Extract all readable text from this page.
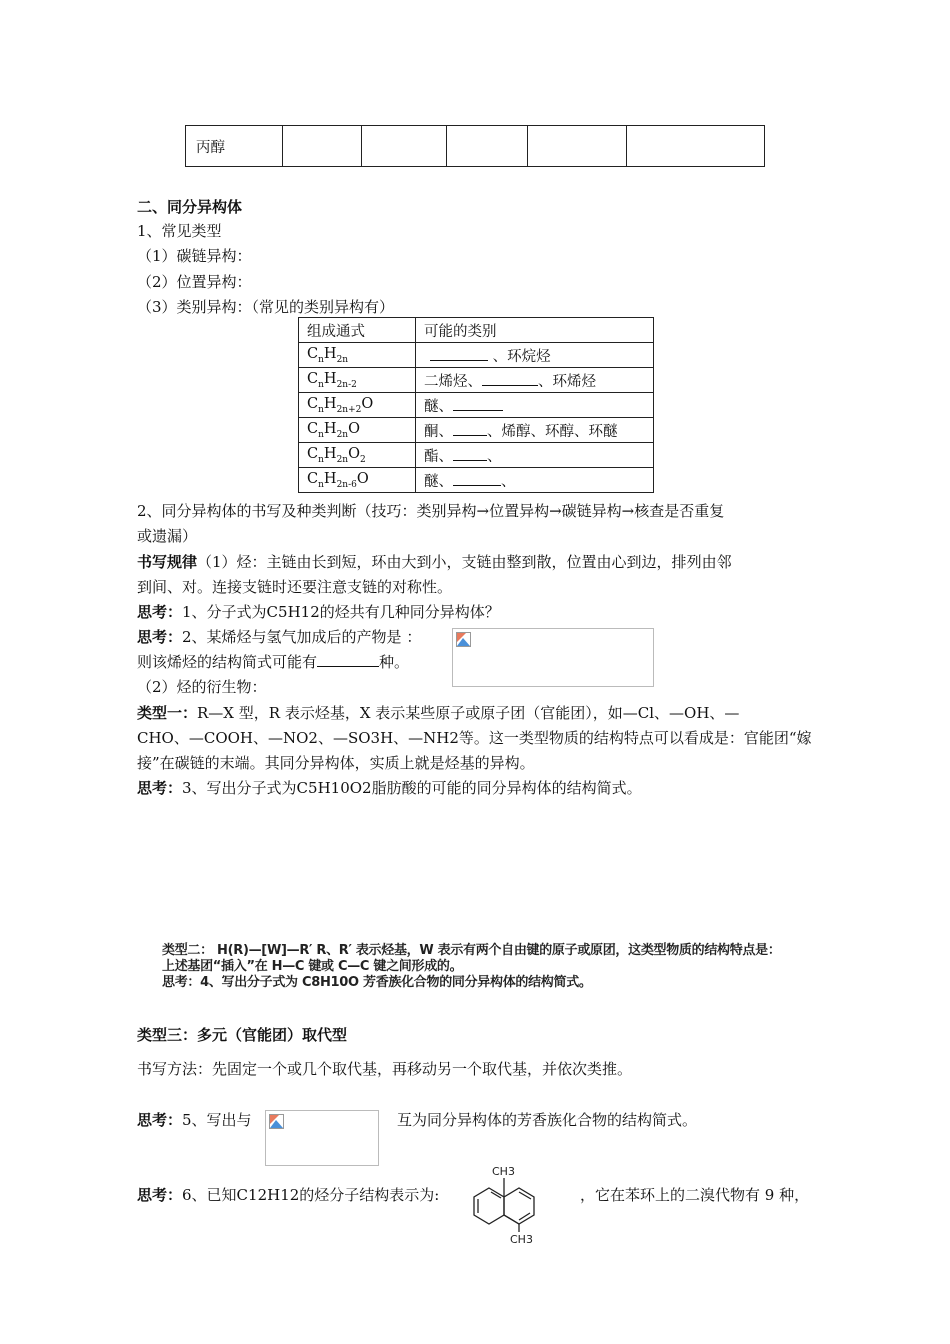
丙醇					
二、同分异构体
1、常见类型
（1）碳链异构：
（2）位置异构：
（3）类别异构：（常见的类别异构有）
组成通式	可能的类别
$C_nH_{2n}$	、环烷烃
$C_nH_{2n-2}$	二烯烃、 、环烯烃
$C_nH_{2n+2}O$	醚、
$C_nH_{2n}O$	酮、 、烯醇、环醇、环醚
$C_nH_{2n}O_2$	酯、 、
$C_nH_{2n-6}O$	醚、 、
2、同分异构体的书写及种类判断（技巧：类别异构→位置异构→碳链异构→核查是否重复
或遗漏）
书写规律（1）烃：主链由长到短，环由大到小，支链由整到散，位置由心到边，排列由邻
到间、对。连接支链时还要注意支链的对称性。
思考：1、分子式为C5H12的烃共有几种同分异构体？
思考：2、某烯烃与氢气加成后的产物是 ：
则该烯烃的结构简式可能有	种。
（2）烃的衍生物：
类型一：R—X 型，R 表示烃基，X 表示某些原子或原子团（官能团），如—Cl、—OH、—
CHO、—COOH、—NO2、—SO3H、—NH2等。这一类型物质的结构特点可以看成是：官能团“嫁
接”在碳链的末端。其同分异构体，实质上就是烃基的异构。
思考：3、写出分子式为C5H10O2脂肪酸的可能的同分异构体的结构简式。
类型二： H(R)—[W]—R′ R、R′ 表示烃基，W 表示有两个自由键的原子或原团，这类型物质的结构特点是：
上述基团“插入”在 H—C 键或 C—C 键之间形成的。
思考：4、写出分子式为 C8H10O 芳香族化合物的同分异构体的结构简式。
类型三：多元（官能团）取代型
书写方法：先固定一个或几个取代基，再移动另一个取代基，并依次类推。
思考：5、写出与	互为同分异构体的芳香族化合物的结构简式。
思考：6、已知C12H12的烃分子结构表示为:
CH3
CH3
，它在苯环上的二溴代物有 9 种，
